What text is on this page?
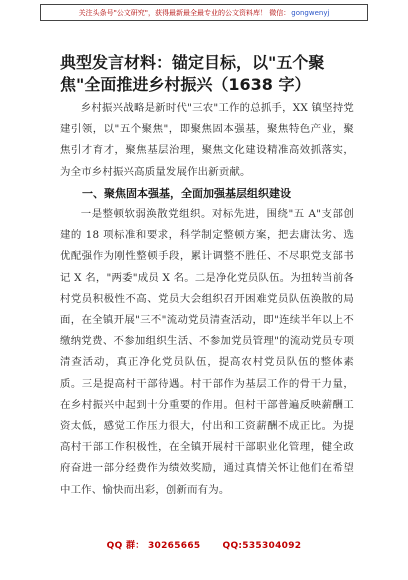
关注头条号"公文研究"，获得最新最全最专业的公文资料库！ 微信： gongwenyj
典型发言材料：锚定目标，以"五个聚焦"全面推进乡村振兴（1638 字）

乡村振兴战略是新时代"三农"工作的总抓手，XX 镇坚持党建引领，以"五个聚焦"，即聚焦固本强基，聚焦特色产业，聚焦引才育才，聚焦基层治理，聚焦文化建设精准高效抓落实，为全市乡村振兴高质量发展作出新贡献。

一、聚焦固本强基，全面加强基层组织建设

一是整顿软弱涣散党组织。对标先进，围绕"五 A"支部创建的 18 项标准和要求，科学制定整顿方案，把去庸汰劣、选优配强作为刚性整顿手段，累计调整不胜任、不尽职党支部书记 X 名，"两委"成员 X 名。二是净化党员队伍。为扭转当前各村党员积极性不高、党员大会组织召开困难党员队伍涣散的局面，在全镇开展"三不"流动党员清查活动，即"连续半年以上不缴纳党费、不参加组织生活、不参加党员管理"的流动党员专项清查活动，真正净化党员队伍，提高农村党员队伍的整体素质。三是提高村干部待遇。村干部作为基层工作的骨干力量，在乡村振兴中起到十分重要的作用。但村干部普遍反映薪酬工资太低，感觉工作压力很大，付出和工资薪酬不成正比。为提高村干部工作积极性，在全镇开展村干部职业化管理，健全政府奋进一部分经费作为绩效奖励，通过真情关怀让他们在希望中工作、愉快而出彩，创新而有为。

QQ 群： 30265665 QQ:535304092
